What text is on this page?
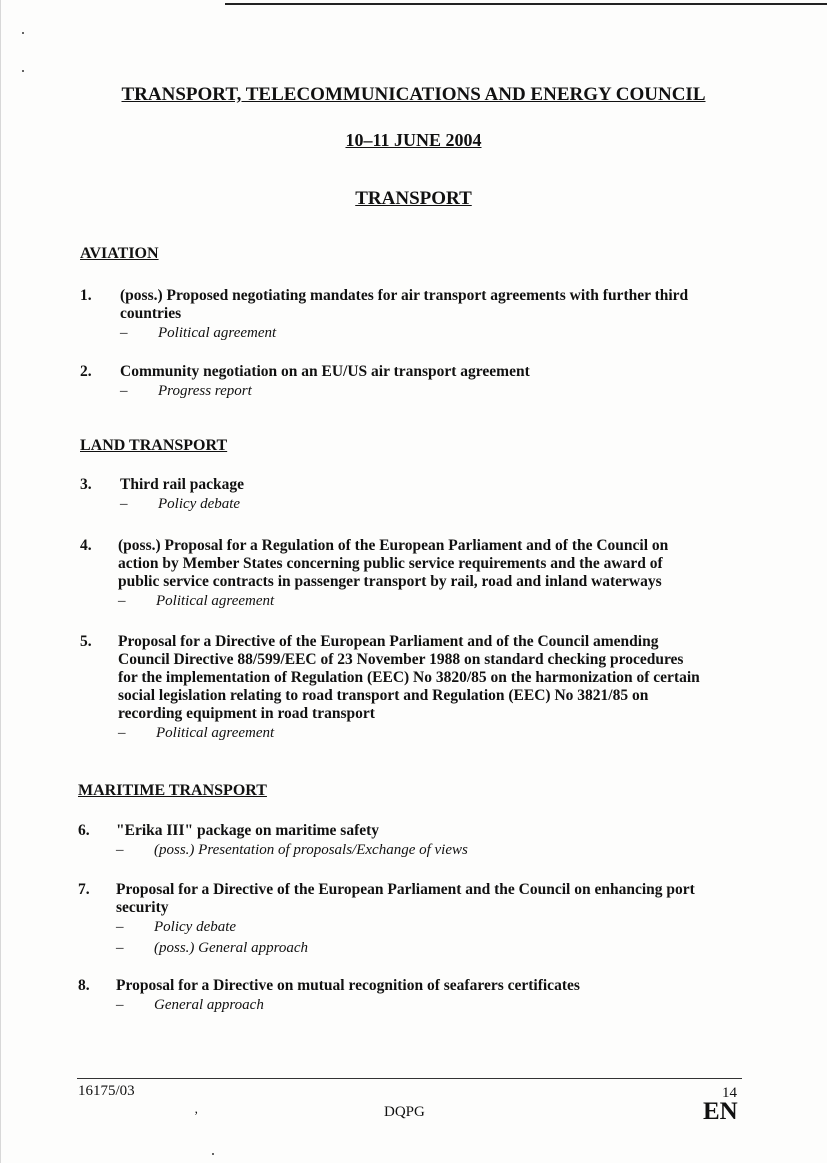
TRANSPORT, TELECOMMUNICATIONS AND ENERGY COUNCIL
10–11 JUNE 2004
TRANSPORT
AVIATION
1. (poss.) Proposed negotiating mandates for air transport agreements with further third
countries
– Political agreement
2. Community negotiation on an EU/US air transport agreement
– Progress report
LAND TRANSPORT
3. Third rail package
– Policy debate
4. (poss.) Proposal for a Regulation of the European Parliament and of the Council on
action by Member States concerning public service requirements and the award of
public service contracts in passenger transport by rail, road and inland waterways
– Political agreement
5. Proposal for a Directive of the European Parliament and of the Council amending
Council Directive 88/599/EEC of 23 November 1988 on standard checking procedures
for the implementation of Regulation (EEC) No 3820/85 on the harmonization of certain
social legislation relating to road transport and Regulation (EEC) No 3821/85 on
recording equipment in road transport
– Political agreement
MARITIME TRANSPORT
6. "Erika III" package on maritime safety
– (poss.) Presentation of proposals/Exchange of views
7. Proposal for a Directive of the European Parliament and the Council on enhancing port
security
– Policy debate
– (poss.) General approach
8. Proposal for a Directive on mutual recognition of seafarers certificates
– General approach
16175/03	14
’	DQPG	EN
